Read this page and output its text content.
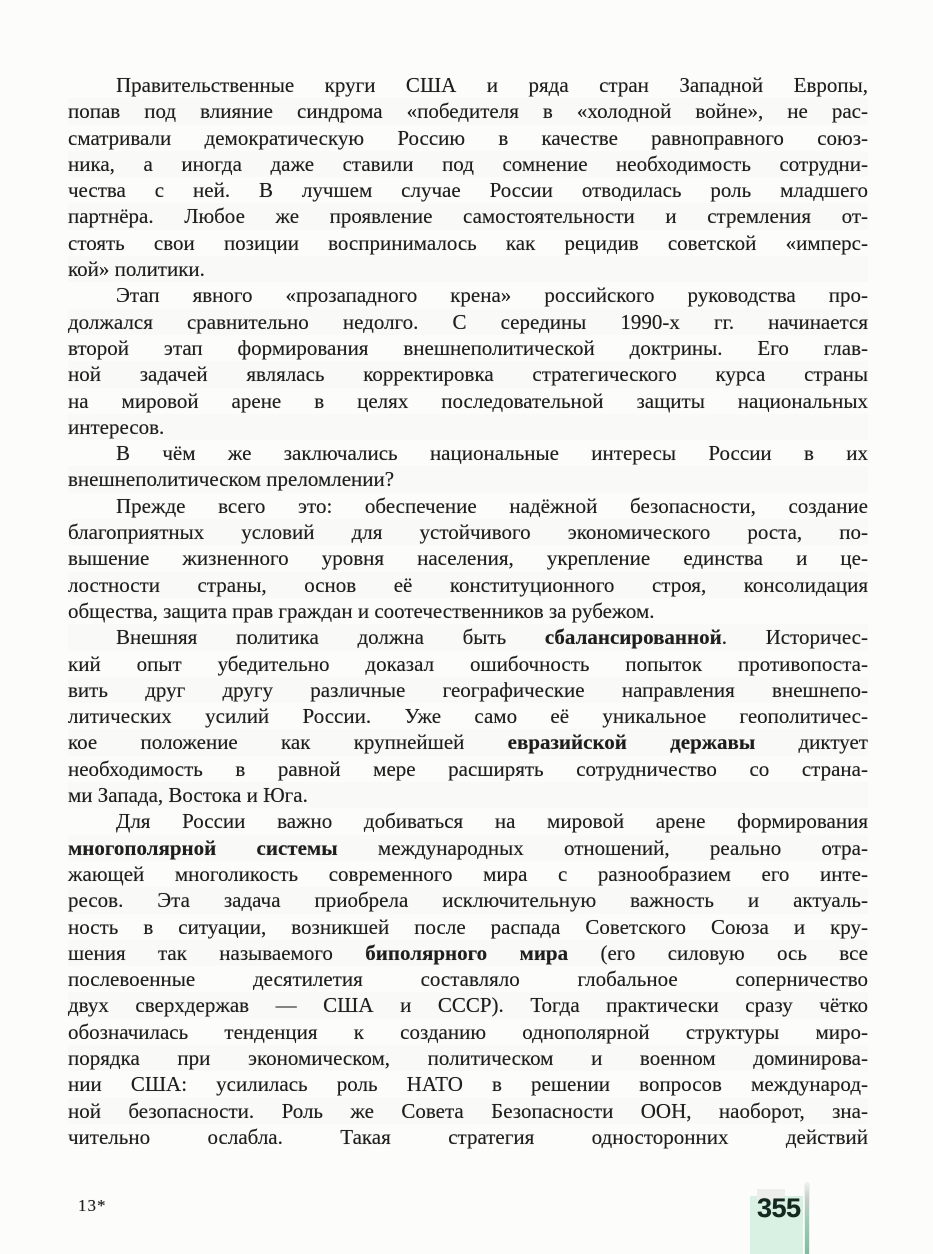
Правительственные круги США и ряда стран Западной Европы,
попав под влияние синдрома «победителя в «холодной войне», не рас-
сматривали демократическую Россию в качестве равноправного союз-
ника, а иногда даже ставили под сомнение необходимость сотрудни-
чества с ней. В лучшем случае России отводилась роль младшего
партнёра. Любое же проявление самостоятельности и стремления от-
стоять свои позиции воспринималось как рецидив советской «имперс-
кой» политики.
Этап явного «прозападного крена» российского руководства про-
должался сравнительно недолго. С середины 1990-х гг. начинается
второй этап формирования внешнеполитической доктрины. Его глав-
ной задачей являлась корректировка стратегического курса страны
на мировой арене в целях последовательной защиты национальных
интересов.
В чём же заключались национальные интересы России в их
внешнеполитическом преломлении?
Прежде всего это: обеспечение надёжной безопасности, создание
благоприятных условий для устойчивого экономического роста, по-
вышение жизненного уровня населения, укрепление единства и це-
лостности страны, основ её конституционного строя, консолидация
общества, защита прав граждан и соотечественников за рубежом.
Внешняя политика должна быть сбалансированной. Историчес-
кий опыт убедительно доказал ошибочность попыток противопоста-
вить друг другу различные географические направления внешнепо-
литических усилий России. Уже само её уникальное геополитичес-
кое положение как крупнейшей евразийской державы диктует
необходимость в равной мере расширять сотрудничество со страна-
ми Запада, Востока и Юга.
Для России важно добиваться на мировой арене формирования
многополярной системы международных отношений, реально отра-
жающей многоликость современного мира с разнообразием его инте-
ресов. Эта задача приобрела исключительную важность и актуаль-
ность в ситуации, возникшей после распада Советского Союза и кру-
шения так называемого биполярного мира (его силовую ось все
послевоенные десятилетия составляло глобальное соперничество
двух сверхдержав — США и СССР). Тогда практически сразу чётко
обозначилась тенденция к созданию однополярной структуры миро-
порядка при экономическом, политическом и военном доминирова-
нии США: усилилась роль НАТО в решении вопросов международ-
ной безопасности. Роль же Совета Безопасности ООН, наоборот, зна-
чительно ослабла. Такая стратегия односторонних действий
13*	355
